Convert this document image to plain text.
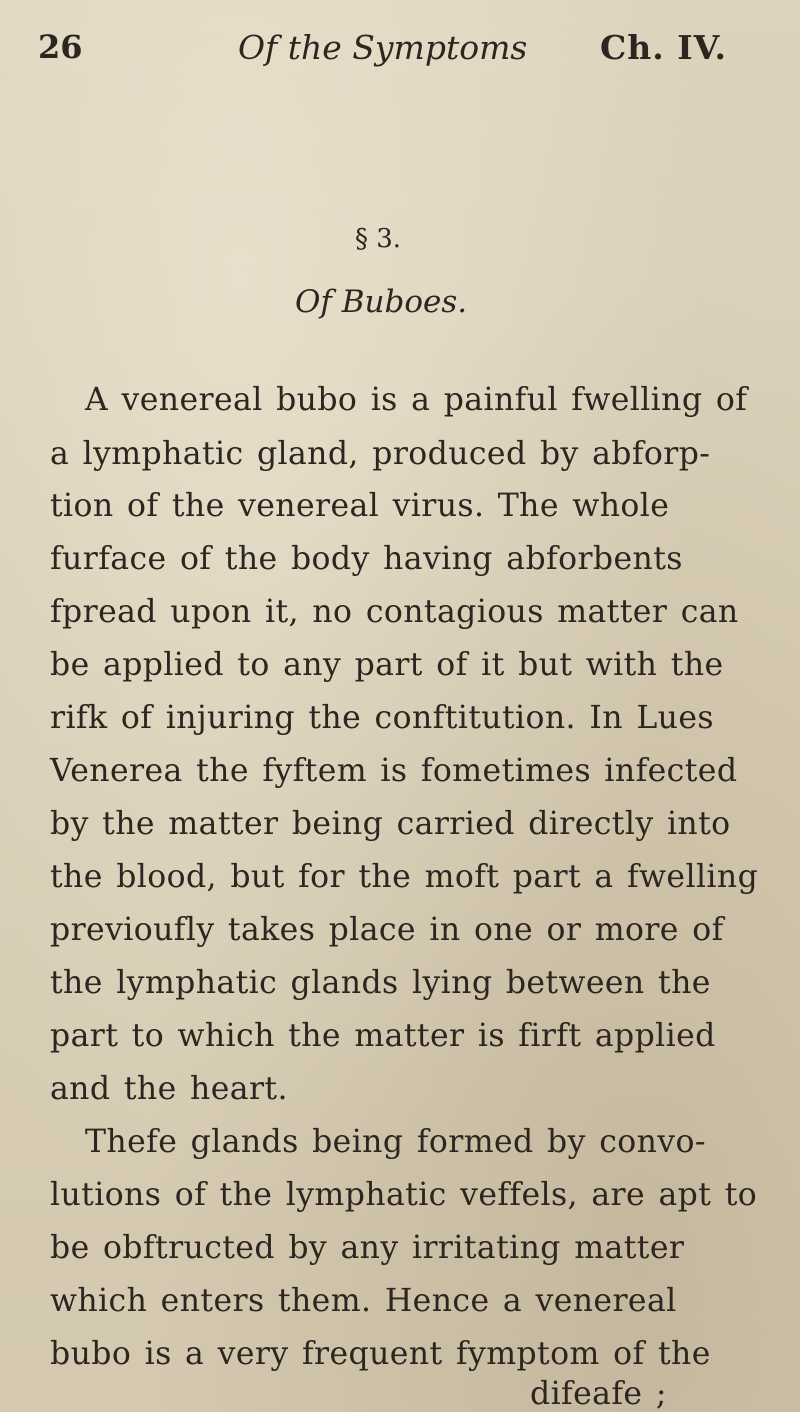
26	Of the Symptoms Ch. IV.
§ 3.
Of Buboes.
A venereal bubo is a painful fwelling of
a lymphatic gland, produced by abforp-
tion of the venereal virus. The whole
furface of the body having abforbents
fpread upon it, no contagious matter can
be applied to any part of it but with the
rifk of injuring the conftitution. In Lues
Venerea the fyftem is fometimes infected
by the matter being carried directly into
the blood, but for the moft part a fwelling
previoufly takes place in one or more of
the lymphatic glands lying between the
part to which the matter is firft applied
and the heart.
Thefe glands being formed by convo-
lutions of the lymphatic veffels, are apt to
be obftructed by any irritating matter
which enters them. Hence a venereal
bubo is a very frequent fymptom of the
difeafe ;
